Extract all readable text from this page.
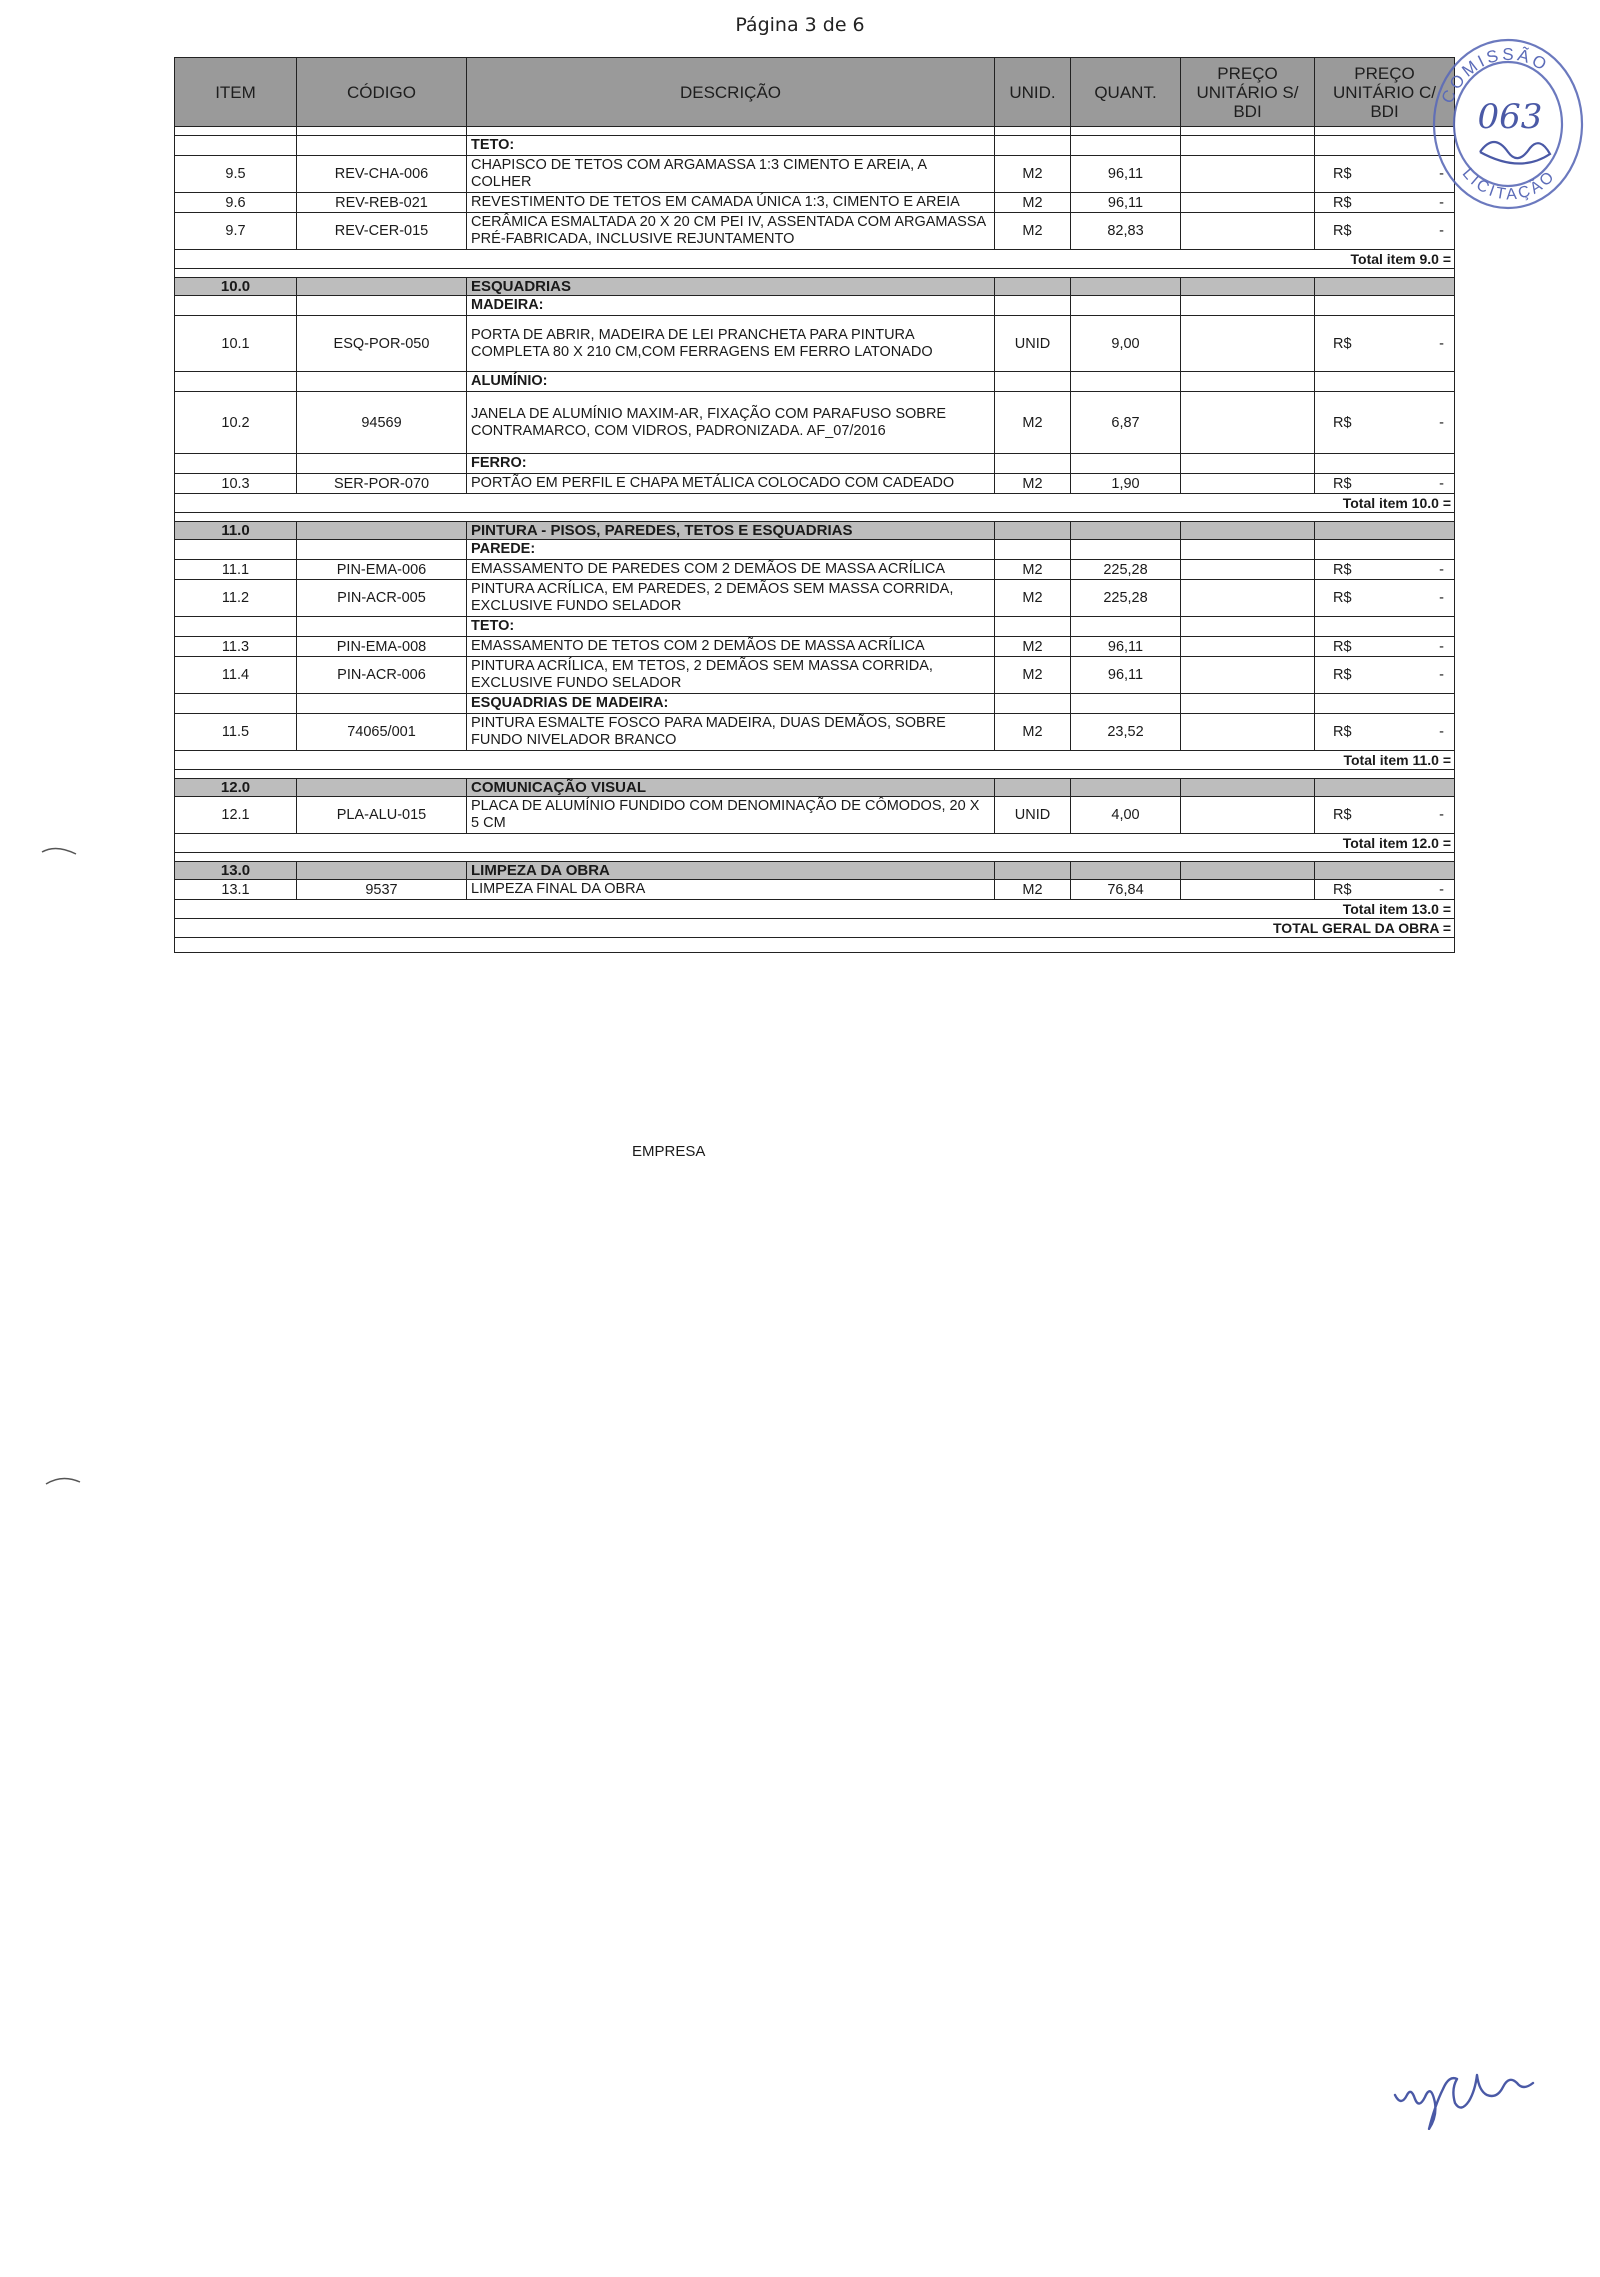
Página 3 de 6
ITEM	CÓDIGO	DESCRIÇÃO	UNID.	QUANT.	PREÇO
UNITÁRIO S/
BDI	PREÇO
UNITÁRIO C/
BDI

		TETO:				
9.5	REV-CHA-006	CHAPISCO DE TETOS COM ARGAMASSA 1:3 CIMENTO E AREIA, A COLHER	M2	96,11		R$ -

9.6	REV-REB-021	REVESTIMENTO DE TETOS EM CAMADA ÚNICA 1:3, CIMENTO E AREIA	M2	96,11		R$ -

9.7	REV-CER-015	CERÂMICA ESMALTADA 20 X 20 CM PEI IV, ASSENTADA COM ARGAMASSA PRÉ-FABRICADA, INCLUSIVE REJUNTAMENTO	M2	82,83		R$ -

Total item 9.0 =						

10.0		ESQUADRIAS				
		MADEIRA:				
10.1	ESQ-POR-050	PORTA DE ABRIR, MADEIRA DE LEI PRANCHETA PARA PINTURA COMPLETA 80 X 210 CM,COM FERRAGENS EM FERRO LATONADO	UNID	9,00		R$ -

		ALUMÍNIO:				
10.2	94569	JANELA DE ALUMÍNIO MAXIM-AR, FIXAÇÃO COM PARAFUSO SOBRE CONTRAMARCO, COM VIDROS, PADRONIZADA. AF_07/2016	M2	6,87		R$ -

		FERRO:				
10.3	SER-POR-070	PORTÃO EM PERFIL E CHAPA METÁLICA COLOCADO COM CADEADO	M2	1,90		R$ -

Total item 10.0 =						

11.0		PINTURA - PISOS, PAREDES, TETOS E ESQUADRIAS				
		PAREDE:				
11.1	PIN-EMA-006	EMASSAMENTO DE PAREDES COM 2 DEMÃOS DE MASSA ACRÍLICA	M2	225,28		R$ -

11.2	PIN-ACR-005	PINTURA ACRÍLICA, EM PAREDES, 2 DEMÃOS SEM MASSA CORRIDA, EXCLUSIVE FUNDO SELADOR	M2	225,28		R$ -

		TETO:				
11.3	PIN-EMA-008	EMASSAMENTO DE TETOS COM 2 DEMÃOS DE MASSA ACRÍLICA	M2	96,11		R$ -

11.4	PIN-ACR-006	PINTURA ACRÍLICA, EM TETOS, 2 DEMÃOS SEM MASSA CORRIDA, EXCLUSIVE FUNDO SELADOR	M2	96,11		R$ -

		ESQUADRIAS DE MADEIRA:				
11.5	74065/001	PINTURA ESMALTE FOSCO PARA MADEIRA, DUAS DEMÃOS, SOBRE FUNDO NIVELADOR BRANCO	M2	23,52		R$ -

Total item 11.0 =						

12.0		COMUNICAÇÃO VISUAL				
12.1	PLA-ALU-015	PLACA DE ALUMÍNIO FUNDIDO COM DENOMINAÇÃO DE CÔMODOS, 20 X 5 CM	UNID	4,00		R$ -

Total item 12.0 =						

13.0		LIMPEZA DA OBRA				
13.1	9537	LIMPEZA FINAL DA OBRA	M2	76,84		R$ -

Total item 13.0 =						
TOTAL GERAL DA OBRA =						

EMPRESA
COMISSÃO
LICITAÇÃO
063
